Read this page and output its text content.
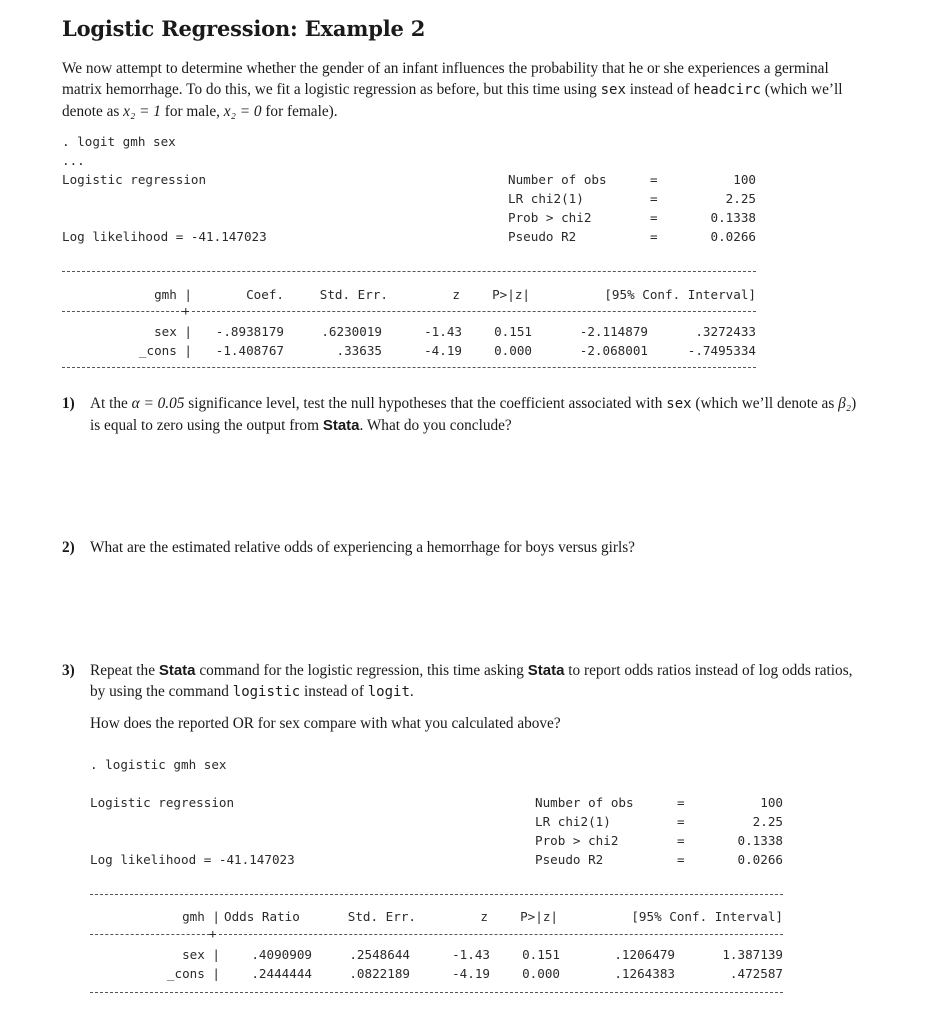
Logistic Regression: Example 2
We now attempt to determine whether the gender of an infant influences the probability that he or she experiences a germinal matrix hemorrhage. To do this, we fit a logistic regression as before, but this time using sex instead of headcirc (which we’ll denote as x₂ = 1 for male, x₂ = 0 for female).
. logit gmh sex
...
Logistic regression
Log likelihood = -41.147023
Number of obs	=	100
LR chi2(1)	=	2.25
Prob > chi2	=	0.1338
Pseudo R2	=	0.0266
gmh |	Coef.	Std. Err.	z	P>|z|	[95% Conf. Interval]
+
sex |	-.8938179	.6230019	-1.43	0.151	-2.114879	.3272433
_cons |	-1.408767	.33635	-4.19	0.000	-2.068001	-.7495334
1) At the α = 0.05 significance level, test the null hypotheses that the coefficient associated with sex (which we’ll denote as β₂) is equal to zero using the output from Stata. What do you conclude?
2) What are the estimated relative odds of experiencing a hemorrhage for boys versus girls?
3) Repeat the Stata command for the logistic regression, this time asking Stata to report odds ratios instead of log odds ratios, by using the command logistic instead of logit.
How does the reported OR for sex compare with what you calculated above?
. logistic gmh sex
Logistic regression
Log likelihood = -41.147023
Number of obs	=	100
LR chi2(1)	=	2.25
Prob > chi2	=	0.1338
Pseudo R2	=	0.0266
gmh | Odds Ratio	Std. Err.	z	P>|z|	[95% Conf. Interval]
+
sex |	.4090909	.2548644	-1.43	0.151	.1206479	1.387139
_cons |	.2444444	.0822189	-4.19	0.000	.1264383	.472587
